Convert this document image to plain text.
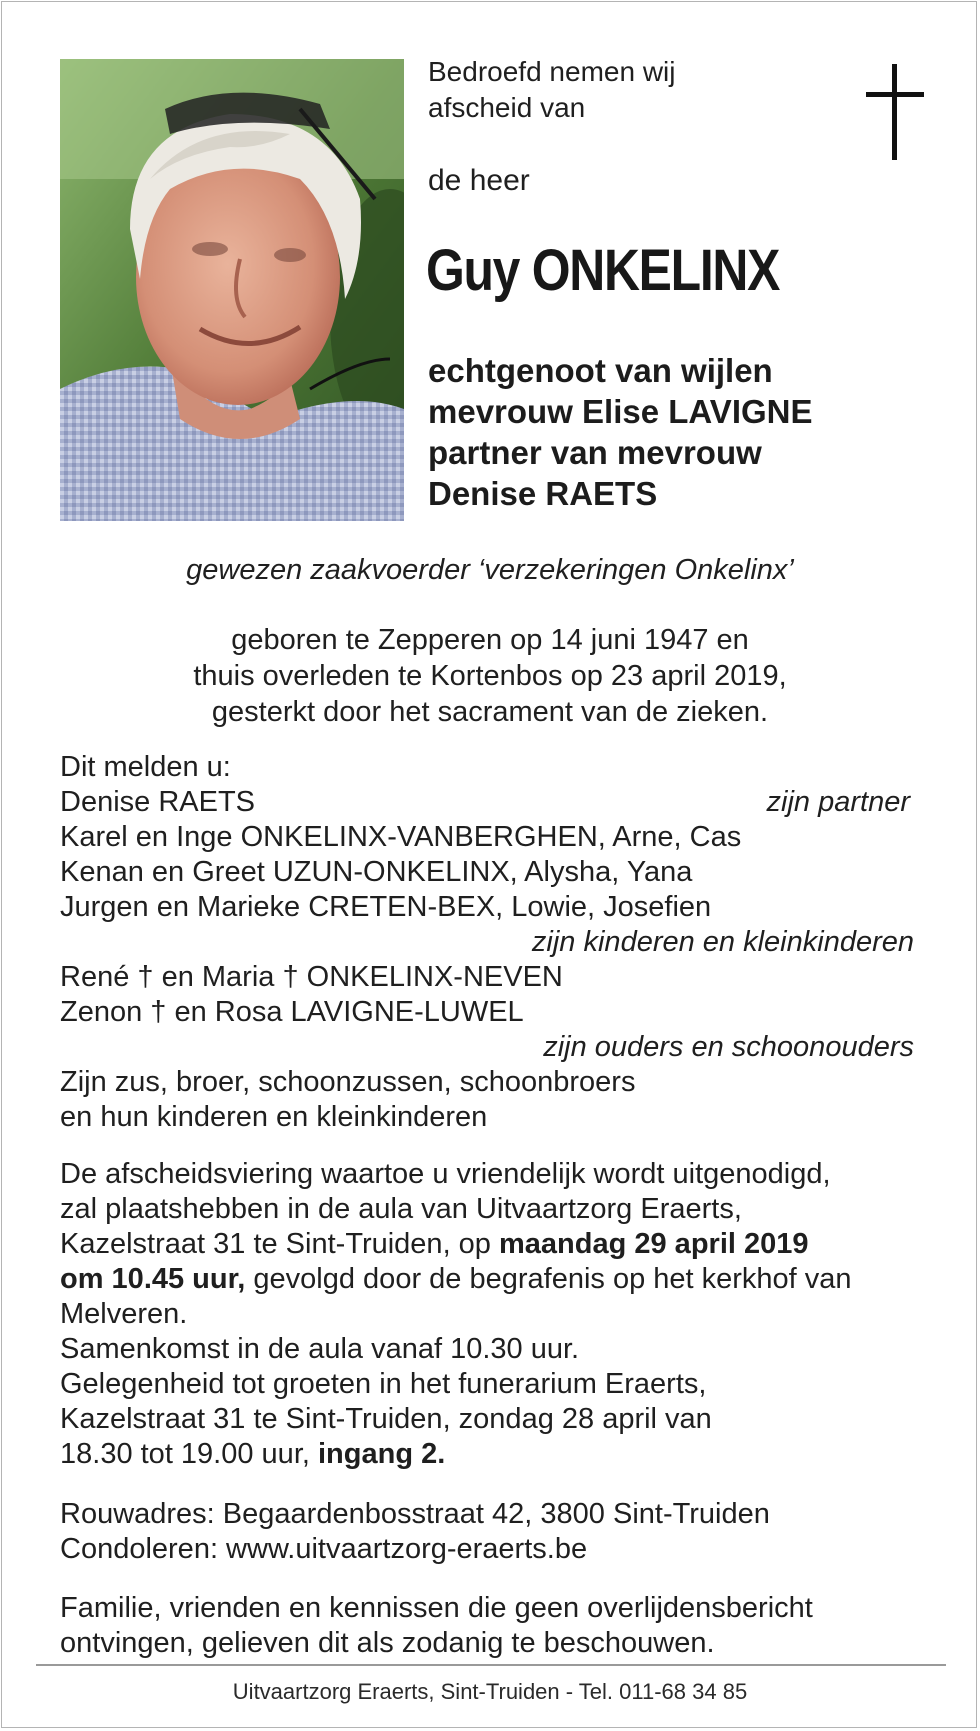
Bedroefd nemen wij
afscheid van
de heer
Guy ONKELINX
echtgenoot van wijlen
mevrouw Elise LAVIGNE
partner van mevrouw
Denise RAETS
gewezen zaakvoerder ‘verzekeringen Onkelinx’
geboren te Zepperen op 14 juni 1947 en
thuis overleden te Kortenbos op 23 april 2019,
gesterkt door het sacrament van de zieken.
Dit melden u:
Denise RAETS	zijn partner
Karel en Inge ONKELINX-VANBERGHEN, Arne, Cas
Kenan en Greet UZUN-ONKELINX, Alysha, Yana
Jurgen en Marieke CRETEN-BEX, Lowie, Josefien
zijn kinderen en kleinkinderen
René † en Maria † ONKELINX-NEVEN
Zenon † en Rosa LAVIGNE-LUWEL
zijn ouders en schoonouders
Zijn zus, broer, schoonzussen, schoonbroers
en hun kinderen en kleinkinderen
De afscheidsviering waartoe u vriendelijk wordt uitgenodigd,
zal plaatshebben in de aula van Uitvaartzorg Eraerts,
Kazelstraat 31 te Sint-Truiden, op maandag 29 april 2019
om 10.45 uur, gevolgd door de begrafenis op het kerkhof van
Melveren.
Samenkomst in de aula vanaf 10.30 uur.
Gelegenheid tot groeten in het funerarium Eraerts,
Kazelstraat 31 te Sint-Truiden, zondag 28 april van
18.30 tot 19.00 uur, ingang 2.
Rouwadres: Begaardenbosstraat 42, 3800 Sint-Truiden
Condoleren: www.uitvaartzorg-eraerts.be
Familie, vrienden en kennissen die geen overlijdensbericht
ontvingen, gelieven dit als zodanig te beschouwen.
Uitvaartzorg Eraerts, Sint-Truiden - Tel. 011-68 34 85
